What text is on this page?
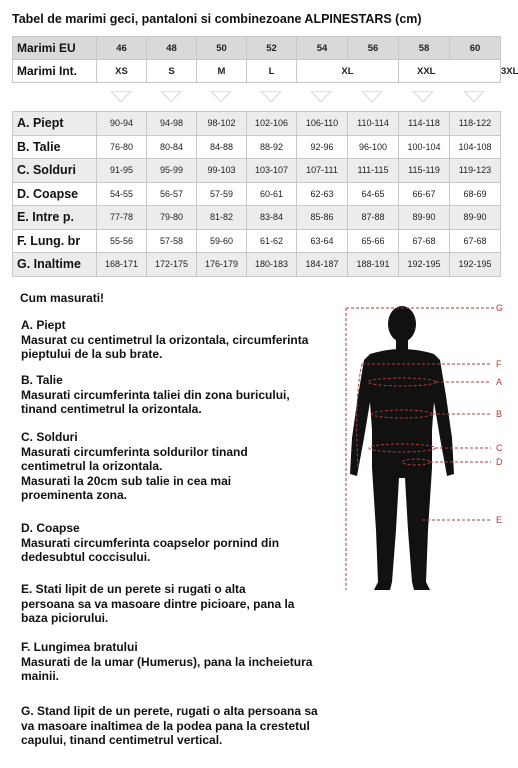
Tabel de marimi geci, pantaloni si combinezoane ALPINESTARS (cm)
Marimi EU	46	48	50	52	54	56	58	60	
Marimi Int.	XS	S	M	L	XL		XXL		3XL
A. Piept	90-94	94-98	98-102	102-106	106-110	110-114	114-118	118-122
B. Talie	76-80	80-84	84-88	88-92	92-96	96-100	100-104	104-108
C. Solduri	91-95	95-99	99-103	103-107	107-111	111-115	115-119	119-123
D. Coapse	54-55	56-57	57-59	60-61	62-63	64-65	66-67	68-69
E. Intre p.	77-78	79-80	81-82	83-84	85-86	87-88	89-90	89-90
F. Lung. br	55-56	57-58	59-60	61-62	63-64	65-66	67-68	67-68
G. Inaltime	168-171	172-175	176-179	180-183	184-187	188-191	192-195	192-195
Cum masurati!
A. Piept
Masurat cu centimetrul la orizontala, circumferinta
pieptului de la sub brate.
B. Talie
Masurati circumferinta taliei din zona buricului,
tinand centimetrul la orizontala.
C. Solduri
Masurati circumferinta soldurilor tinand
centimetrul la orizontala.
Masurati la 20cm sub talie in cea mai
proeminenta zona.
D. Coapse
Masurati circumferinta coapselor pornind din
dedesubtul coccisului.
E. Stati lipit de un perete si rugati o alta
persoana sa va masoare dintre picioare, pana la
baza piciorului.
F. Lungimea bratului
Masurati de la umar (Humerus), pana la incheietura
mainii.
G. Stand lipit de un perete, rugati o alta persoana sa
va masoare inaltimea de la podea pana la crestetul
capului, tinand centimetrul vertical.
G
F
A
B
C
D
E
